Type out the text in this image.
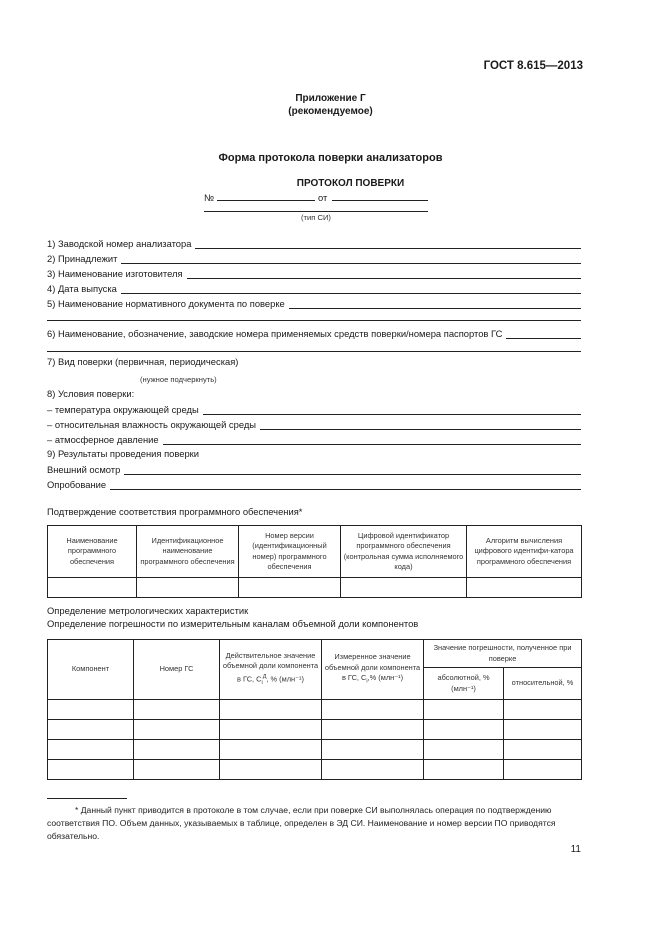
ГОСТ 8.615—2013
Приложение Г
(рекомендуемое)
Форма протокола поверки анализаторов
ПРОТОКОЛ ПОВЕРКИ
№	от
(тип СИ)
1) Заводской номер анализатора
2) Принадлежит
3) Наименование изготовителя
4) Дата выпуска
5) Наименование нормативного документа по поверке
6) Наименование, обозначение, заводские номера применяемых средств поверки/номера паспортов ГС
7) Вид поверки (первичная, периодическая)
(нужное подчеркнуть)
8) Условия поверки:
– температура окружающей среды
– относительная влажность окружающей среды
– атмосферное давление
9) Результаты проведения поверки
Внешний осмотр
Опробование
Подтверждение соответствия программного обеспечения*
Наименование программного обеспечения	Идентификационное наименование программного обеспечения	Номер версии (идентификационный номер) программного обеспечения	Цифровой идентификатор программного обеспечения (контрольная сумма исполняемого кода)	Алгоритм вычисления цифрового идентифи-катора программного обеспечения

Определение метрологических характеристик
Определение погрешности по измерительным каналам объемной доли компонентов
Компонент	Номер ГС	Действительное значение объемной доли компонента в ГС, $C_i^Д$, % (млн⁻¹)	Измеренное значение объемной доли компонента в ГС, $C_i,\%$ (млн⁻¹)	Значение погрешности, полученное при поверке	
				абсолютной, % (млн⁻¹)	относительной, %

* Данный пункт приводится в протоколе в том случае, если при поверке СИ выполнялась операция по подтверждению соответствия ПО. Объем данных, указываемых в таблице, определен в ЭД СИ. Наименование и номер версии ПО приводятся обязательно.
11
